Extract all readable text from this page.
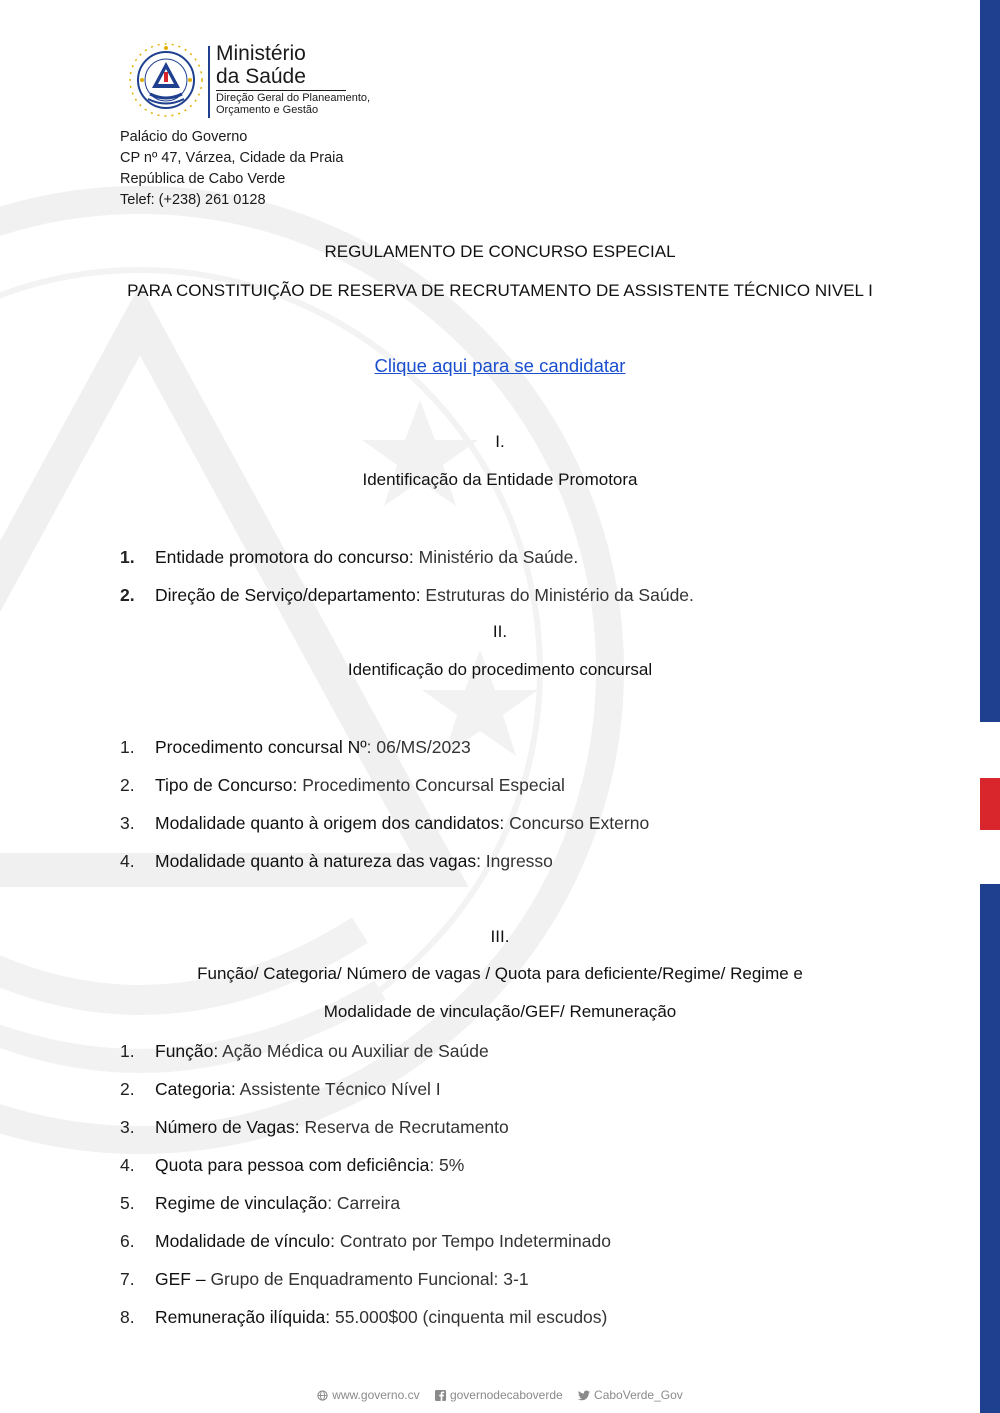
Ministério
da Saúde
Direção Geral do Planeamento,
Orçamento e Gestão
Palácio do Governo
CP nº 47, Várzea, Cidade da Praia
República de Cabo Verde
Telef: (+238) 261 0128
REGULAMENTO DE CONCURSO ESPECIAL
PARA CONSTITUIÇÃO DE RESERVA DE RECRUTAMENTO DE ASSISTENTE TÉCNICO NIVEL I
Clique aqui para se candidatar
I.
Identificação da Entidade Promotora
1. Entidade promotora do concurso: Ministério da Saúde.
2. Direção de Serviço/departamento: Estruturas do Ministério da Saúde.
II.
Identificação do procedimento concursal
1. Procedimento concursal Nº: 06/MS/2023
2. Tipo de Concurso: Procedimento Concursal Especial
3. Modalidade quanto à origem dos candidatos: Concurso Externo
4. Modalidade quanto à natureza das vagas: Ingresso
III.
Função/ Categoria/ Número de vagas / Quota para deficiente/Regime/ Regime e
Modalidade de vinculação/GEF/ Remuneração
1. Função: Ação Médica ou Auxiliar de Saúde
2. Categoria: Assistente Técnico Nível I
3. Número de Vagas: Reserva de Recrutamento
4. Quota para pessoa com deficiência: 5%
5. Regime de vinculação: Carreira
6. Modalidade de vínculo: Contrato por Tempo Indeterminado
7. GEF – Grupo de Enquadramento Funcional: 3-1
8. Remuneração ilíquida: 55.000$00 (cinquenta mil escudos)
www.governo.cv	governodecaboverde	CaboVerde_Gov
